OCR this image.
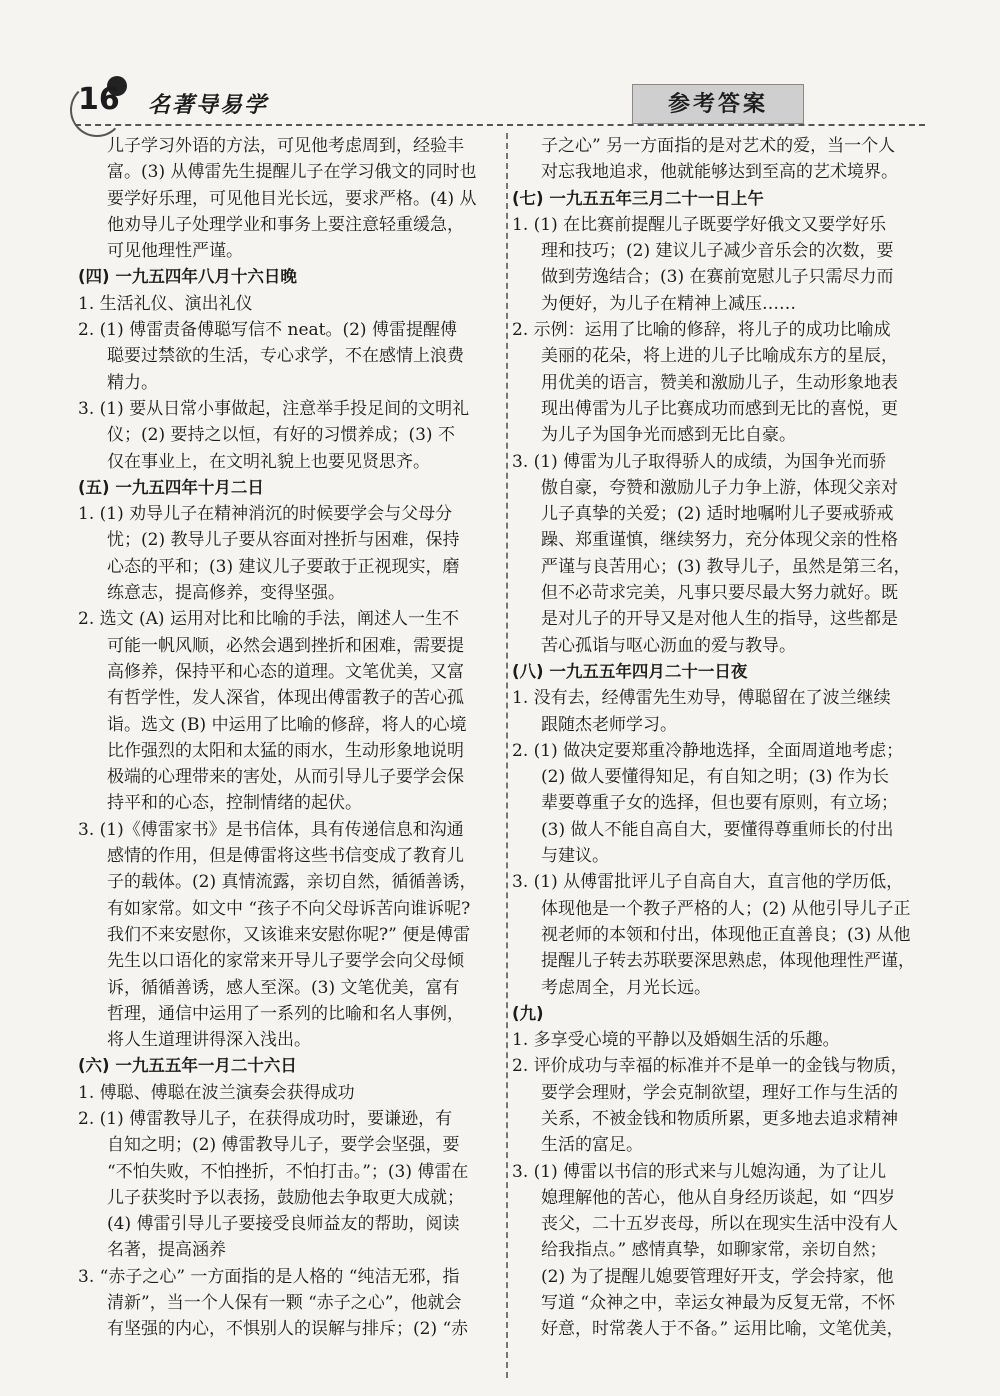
16 名著导易学	参考答案
儿子学习外语的方法，可见他考虑周到，经验丰
富。(3) 从傅雷先生提醒儿子在学习俄文的同时也
要学好乐理，可见他目光长远，要求严格。(4) 从
他劝导儿子处理学业和事务上要注意轻重缓急，
可见他理性严谨。
(四) 一九五四年八月十六日晚
1. 生活礼仪、演出礼仪
2. (1) 傅雷责备傅聪写信不 neat。(2) 傅雷提醒傅
聪要过禁欲的生活，专心求学，不在感情上浪费
精力。
3. (1) 要从日常小事做起，注意举手投足间的文明礼
仪；(2) 要持之以恒，有好的习惯养成；(3) 不
仅在事业上，在文明礼貌上也要见贤思齐。
(五) 一九五四年十月二日
1. (1) 劝导儿子在精神消沉的时候要学会与父母分
忧；(2) 教导儿子要从容面对挫折与困难，保持
心态的平和；(3) 建议儿子要敢于正视现实，磨
练意志，提高修养，变得坚强。
2. 选文 (A) 运用对比和比喻的手法，阐述人一生不
可能一帆风顺，必然会遇到挫折和困难，需要提
高修养，保持平和心态的道理。文笔优美，又富
有哲学性，发人深省，体现出傅雷教子的苦心孤
诣。选文 (B) 中运用了比喻的修辞，将人的心境
比作强烈的太阳和太猛的雨水，生动形象地说明
极端的心理带来的害处，从而引导儿子要学会保
持平和的心态，控制情绪的起伏。
3. (1)《傅雷家书》是书信体，具有传递信息和沟通
感情的作用，但是傅雷将这些书信变成了教育儿
子的载体。(2) 真情流露，亲切自然，循循善诱，
有如家常。如文中 “孩子不向父母诉苦向谁诉呢?
我们不来安慰你，又该谁来安慰你呢?” 便是傅雷
先生以口语化的家常来开导儿子要学会向父母倾
诉，循循善诱，感人至深。(3) 文笔优美，富有
哲理，通信中运用了一系列的比喻和名人事例，
将人生道理讲得深入浅出。
(六) 一九五五年一月二十六日
1. 傅聪、傅聪在波兰演奏会获得成功
2. (1) 傅雷教导儿子，在获得成功时，要谦逊，有
自知之明；(2) 傅雷教导儿子，要学会坚强，要
“不怕失败，不怕挫折，不怕打击。”；(3) 傅雷在
儿子获奖时予以表扬，鼓励他去争取更大成就；
(4) 傅雷引导儿子要接受良师益友的帮助，阅读
名著，提高涵养
3. “赤子之心” 一方面指的是人格的 “纯洁无邪，指
清新”，当一个人保有一颗 “赤子之心”，他就会
有坚强的内心，不惧别人的误解与排斥；(2) “赤
子之心” 另一方面指的是对艺术的爱，当一个人
对忘我地追求，他就能够达到至高的艺术境界。
(七) 一九五五年三月二十一日上午
1. (1) 在比赛前提醒儿子既要学好俄文又要学好乐
理和技巧；(2) 建议儿子减少音乐会的次数，要
做到劳逸结合；(3) 在赛前宽慰儿子只需尽力而
为便好，为儿子在精神上减压……
2. 示例：运用了比喻的修辞，将儿子的成功比喻成
美丽的花朵，将上进的儿子比喻成东方的星辰，
用优美的语言，赞美和激励儿子，生动形象地表
现出傅雷为儿子比赛成功而感到无比的喜悦，更
为儿子为国争光而感到无比自豪。
3. (1) 傅雷为儿子取得骄人的成绩，为国争光而骄
傲自豪，夸赞和激励儿子力争上游，体现父亲对
儿子真挚的关爱；(2) 适时地嘱咐儿子要戒骄戒
躁、郑重谨慎，继续努力，充分体现父亲的性格
严谨与良苦用心；(3) 教导儿子，虽然是第三名，
但不必苛求完美，凡事只要尽最大努力就好。既
是对儿子的开导又是对他人生的指导，这些都是
苦心孤诣与呕心沥血的爱与教导。
(八) 一九五五年四月二十一日夜
1. 没有去，经傅雷先生劝导，傅聪留在了波兰继续
跟随杰老师学习。
2. (1) 做决定要郑重冷静地选择，全面周道地考虑；
(2) 做人要懂得知足，有自知之明；(3) 作为长
辈要尊重子女的选择，但也要有原则，有立场；
(3) 做人不能自高自大，要懂得尊重师长的付出
与建议。
3. (1) 从傅雷批评儿子自高自大，直言他的学历低，
体现他是一个教子严格的人；(2) 从他引导儿子正
视老师的本领和付出，体现他正直善良；(3) 从他
提醒儿子转去苏联要深思熟虑，体现他理性严谨，
考虑周全，月光长远。
(九)
1. 多享受心境的平静以及婚姻生活的乐趣。
2. 评价成功与幸福的标准并不是单一的金钱与物质，
要学会理财，学会克制欲望，理好工作与生活的
关系，不被金钱和物质所累，更多地去追求精神
生活的富足。
3. (1) 傅雷以书信的形式来与儿媳沟通，为了让儿
媳理解他的苦心，他从自身经历谈起，如 “四岁
丧父，二十五岁丧母，所以在现实生活中没有人
给我指点。” 感情真挚，如聊家常，亲切自然；
(2) 为了提醒儿媳要管理好开支，学会持家，他
写道 “众神之中，幸运女神最为反复无常，不怀
好意，时常袭人于不备。” 运用比喻，文笔优美，
